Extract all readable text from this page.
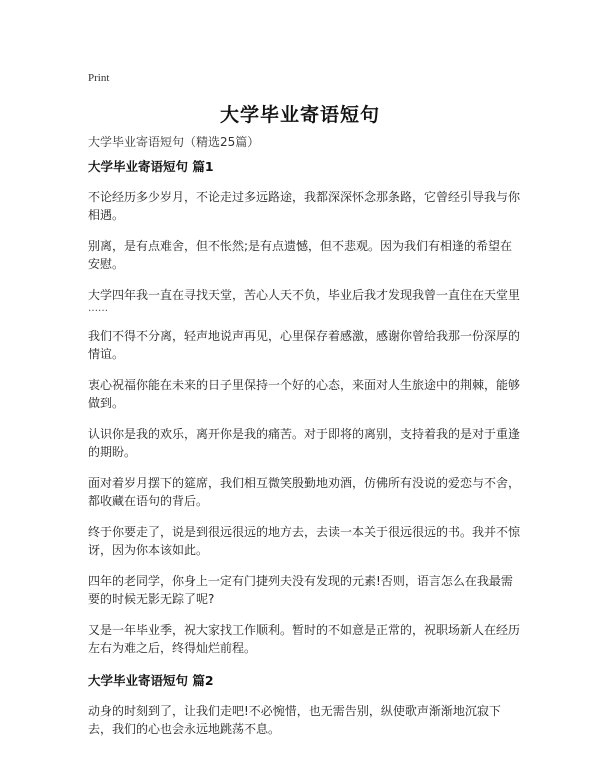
Print
大学毕业寄语短句
大学毕业寄语短句（精选25篇）
大学毕业寄语短句 篇1

不论经历多少岁月，不论走过多远路途，我都深深怀念那条路，它曾经引导我与你相遇。

别离，是有点难舍，但不怅然;是有点遗憾，但不悲观。因为我们有相逢的希望在安慰。

大学四年我一直在寻找天堂，苦心人天不负，毕业后我才发现我曾一直住在天堂里
……

我们不得不分离，轻声地说声再见，心里保存着感激，感谢你曾给我那一份深厚的情谊。

衷心祝福你能在未来的日子里保持一个好的心态，来面对人生旅途中的荆棘，能够做到。

认识你是我的欢乐，离开你是我的痛苦。对于即将的离别，支持着我的是对于重逢的期盼。

面对着岁月摆下的筵席，我们相互微笑殷勤地劝酒，仿佛所有没说的爱恋与不舍，都收藏在语句的背后。

终于你要走了，说是到很远很远的地方去，去读一本关于很远很远的书。我并不惊讶，因为你本该如此。

四年的老同学，你身上一定有门捷列夫没有发现的元素!否则，语言怎么在我最需要的时候无影无踪了呢?

又是一年毕业季，祝大家找工作顺利。暂时的不如意是正常的，祝职场新人在经历左右为难之后，终得灿烂前程。

大学毕业寄语短句 篇2

动身的时刻到了，让我们走吧!不必惋惜，也无需告别，纵使歌声渐渐地沉寂下去，我们的心也会永远地跳荡不息。
